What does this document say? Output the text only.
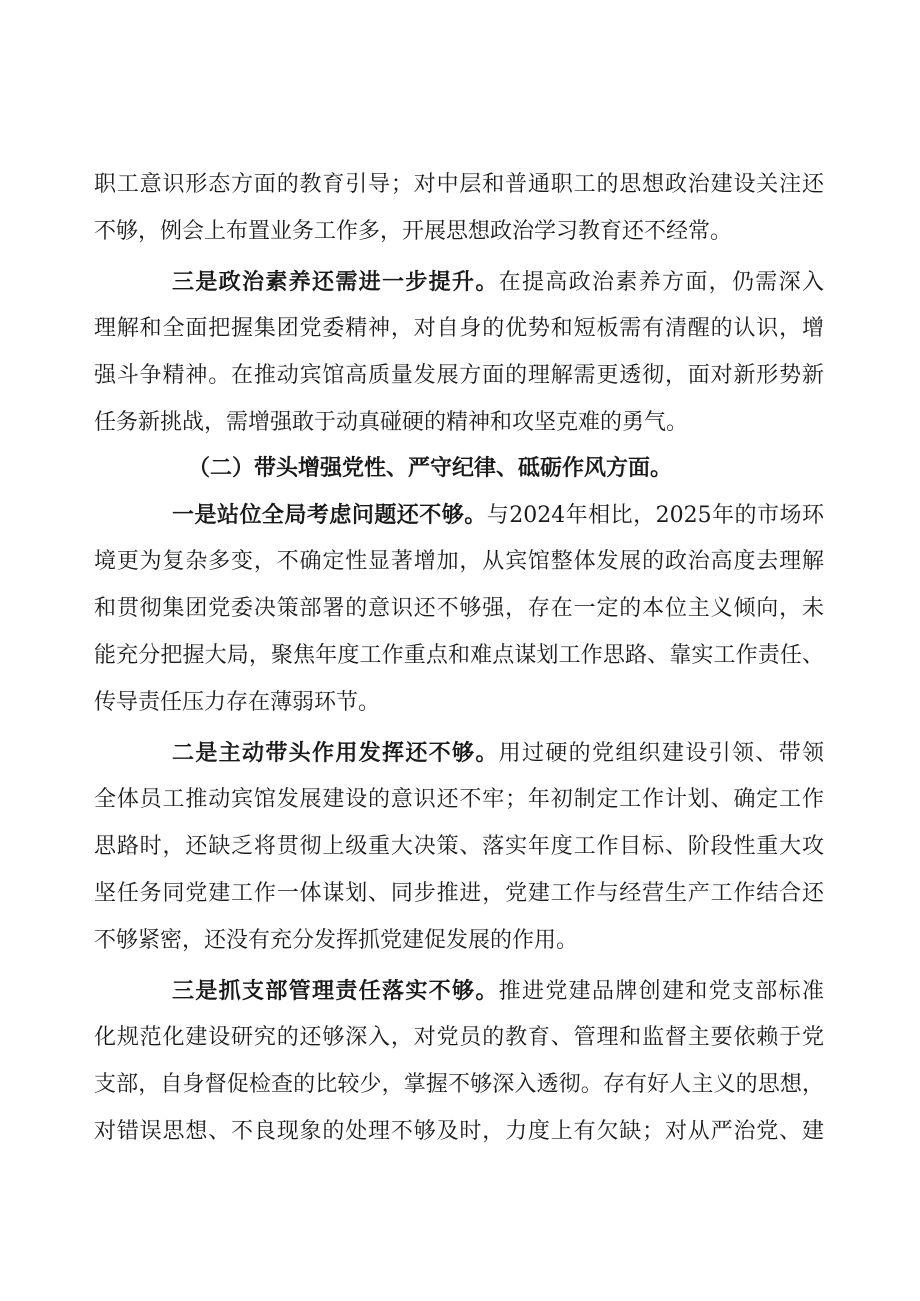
职工意识形态方面的教育引导；对中层和普通职工的思想政治建设关注还
不够，例会上布置业务工作多，开展思想政治学习教育还不经常。
三是政治素养还需进一步提升。在提高政治素养方面，仍需深入
理解和全面把握集团党委精神，对自身的优势和短板需有清醒的认识，增
强斗争精神。在推动宾馆高质量发展方面的理解需更透彻，面对新形势新
任务新挑战，需增强敢于动真碰硬的精神和攻坚克难的勇气。
（二）带头增强党性、严守纪律、砥砺作风方面。
一是站位全局考虑问题还不够。与2024年相比，2025年的市场环
境更为复杂多变，不确定性显著增加，从宾馆整体发展的政治高度去理解
和贯彻集团党委决策部署的意识还不够强，存在一定的本位主义倾向，未
能充分把握大局，聚焦年度工作重点和难点谋划工作思路、靠实工作责任、
传导责任压力存在薄弱环节。
二是主动带头作用发挥还不够。用过硬的党组织建设引领、带领
全体员工推动宾馆发展建设的意识还不牢；年初制定工作计划、确定工作
思路时，还缺乏将贯彻上级重大决策、落实年度工作目标、阶段性重大攻
坚任务同党建工作一体谋划、同步推进，党建工作与经营生产工作结合还
不够紧密，还没有充分发挥抓党建促发展的作用。
三是抓支部管理责任落实不够。推进党建品牌创建和党支部标准
化规范化建设研究的还够深入，对党员的教育、管理和监督主要依赖于党
支部，自身督促检查的比较少，掌握不够深入透彻。存有好人主义的思想，
对错误思想、不良现象的处理不够及时，力度上有欠缺；对从严治党、建
